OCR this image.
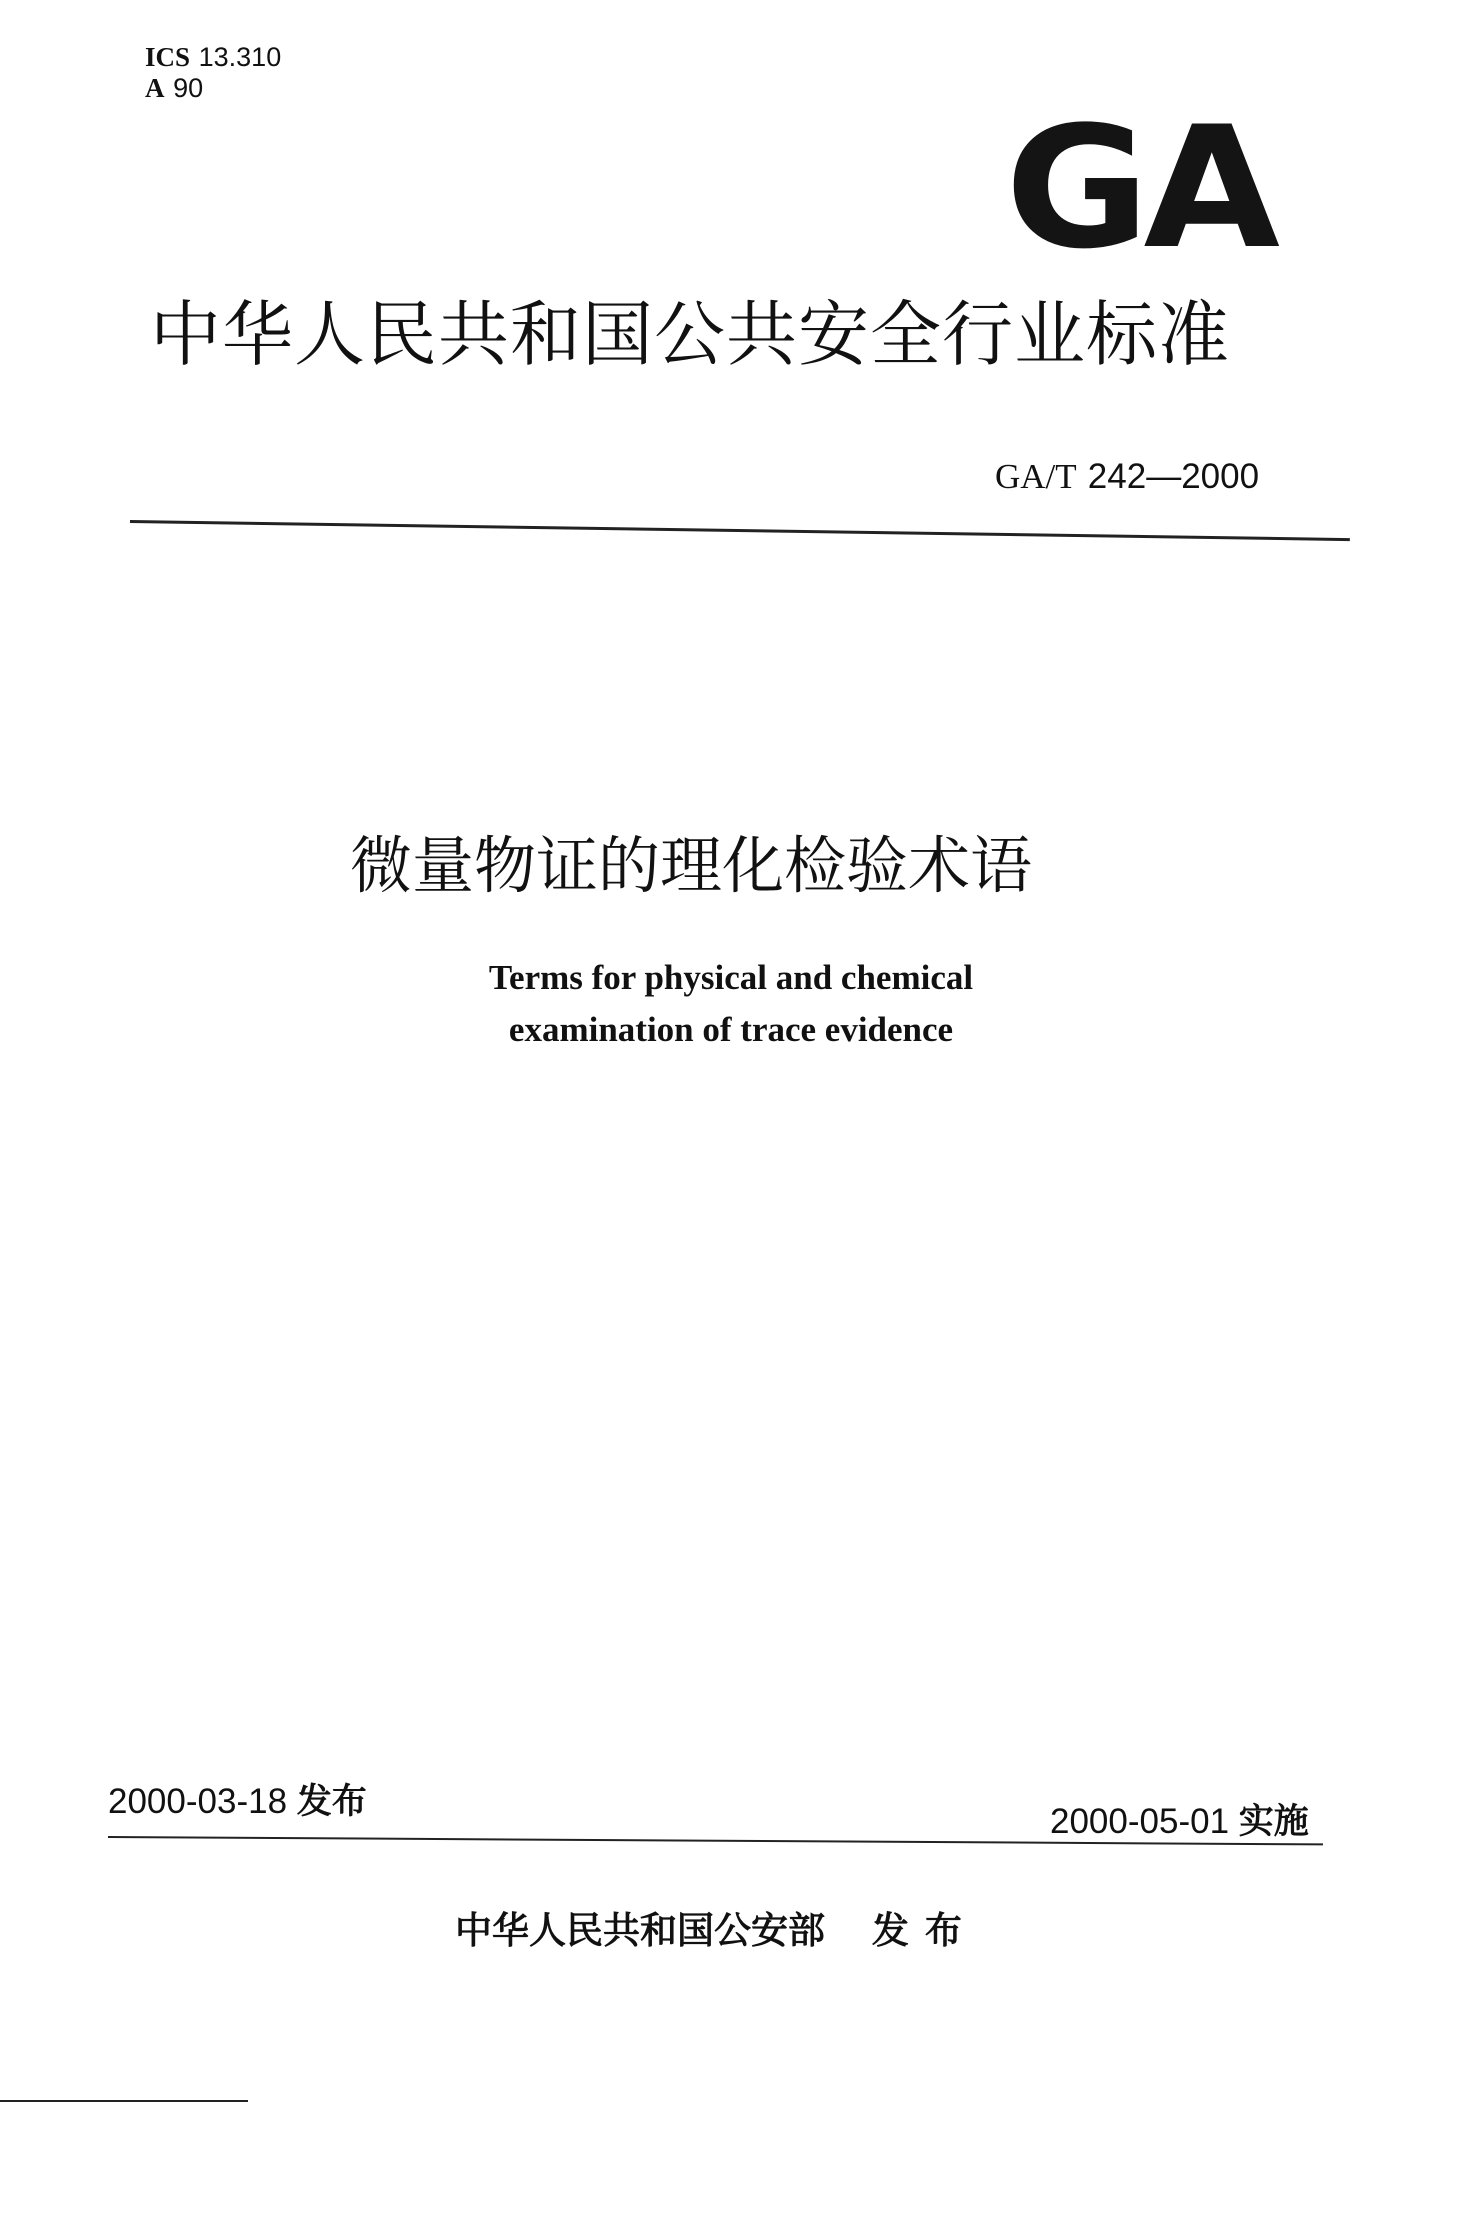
ICS 13.310
A 90
GA
中华人民共和国公共安全行业标准
GA/T 242—2000
微量物证的理化检验术语
Terms for physical and chemical
examination of trace evidence
2000-03-18 发布	2000-05-01 实施
中华人民共和国公安部 发布
